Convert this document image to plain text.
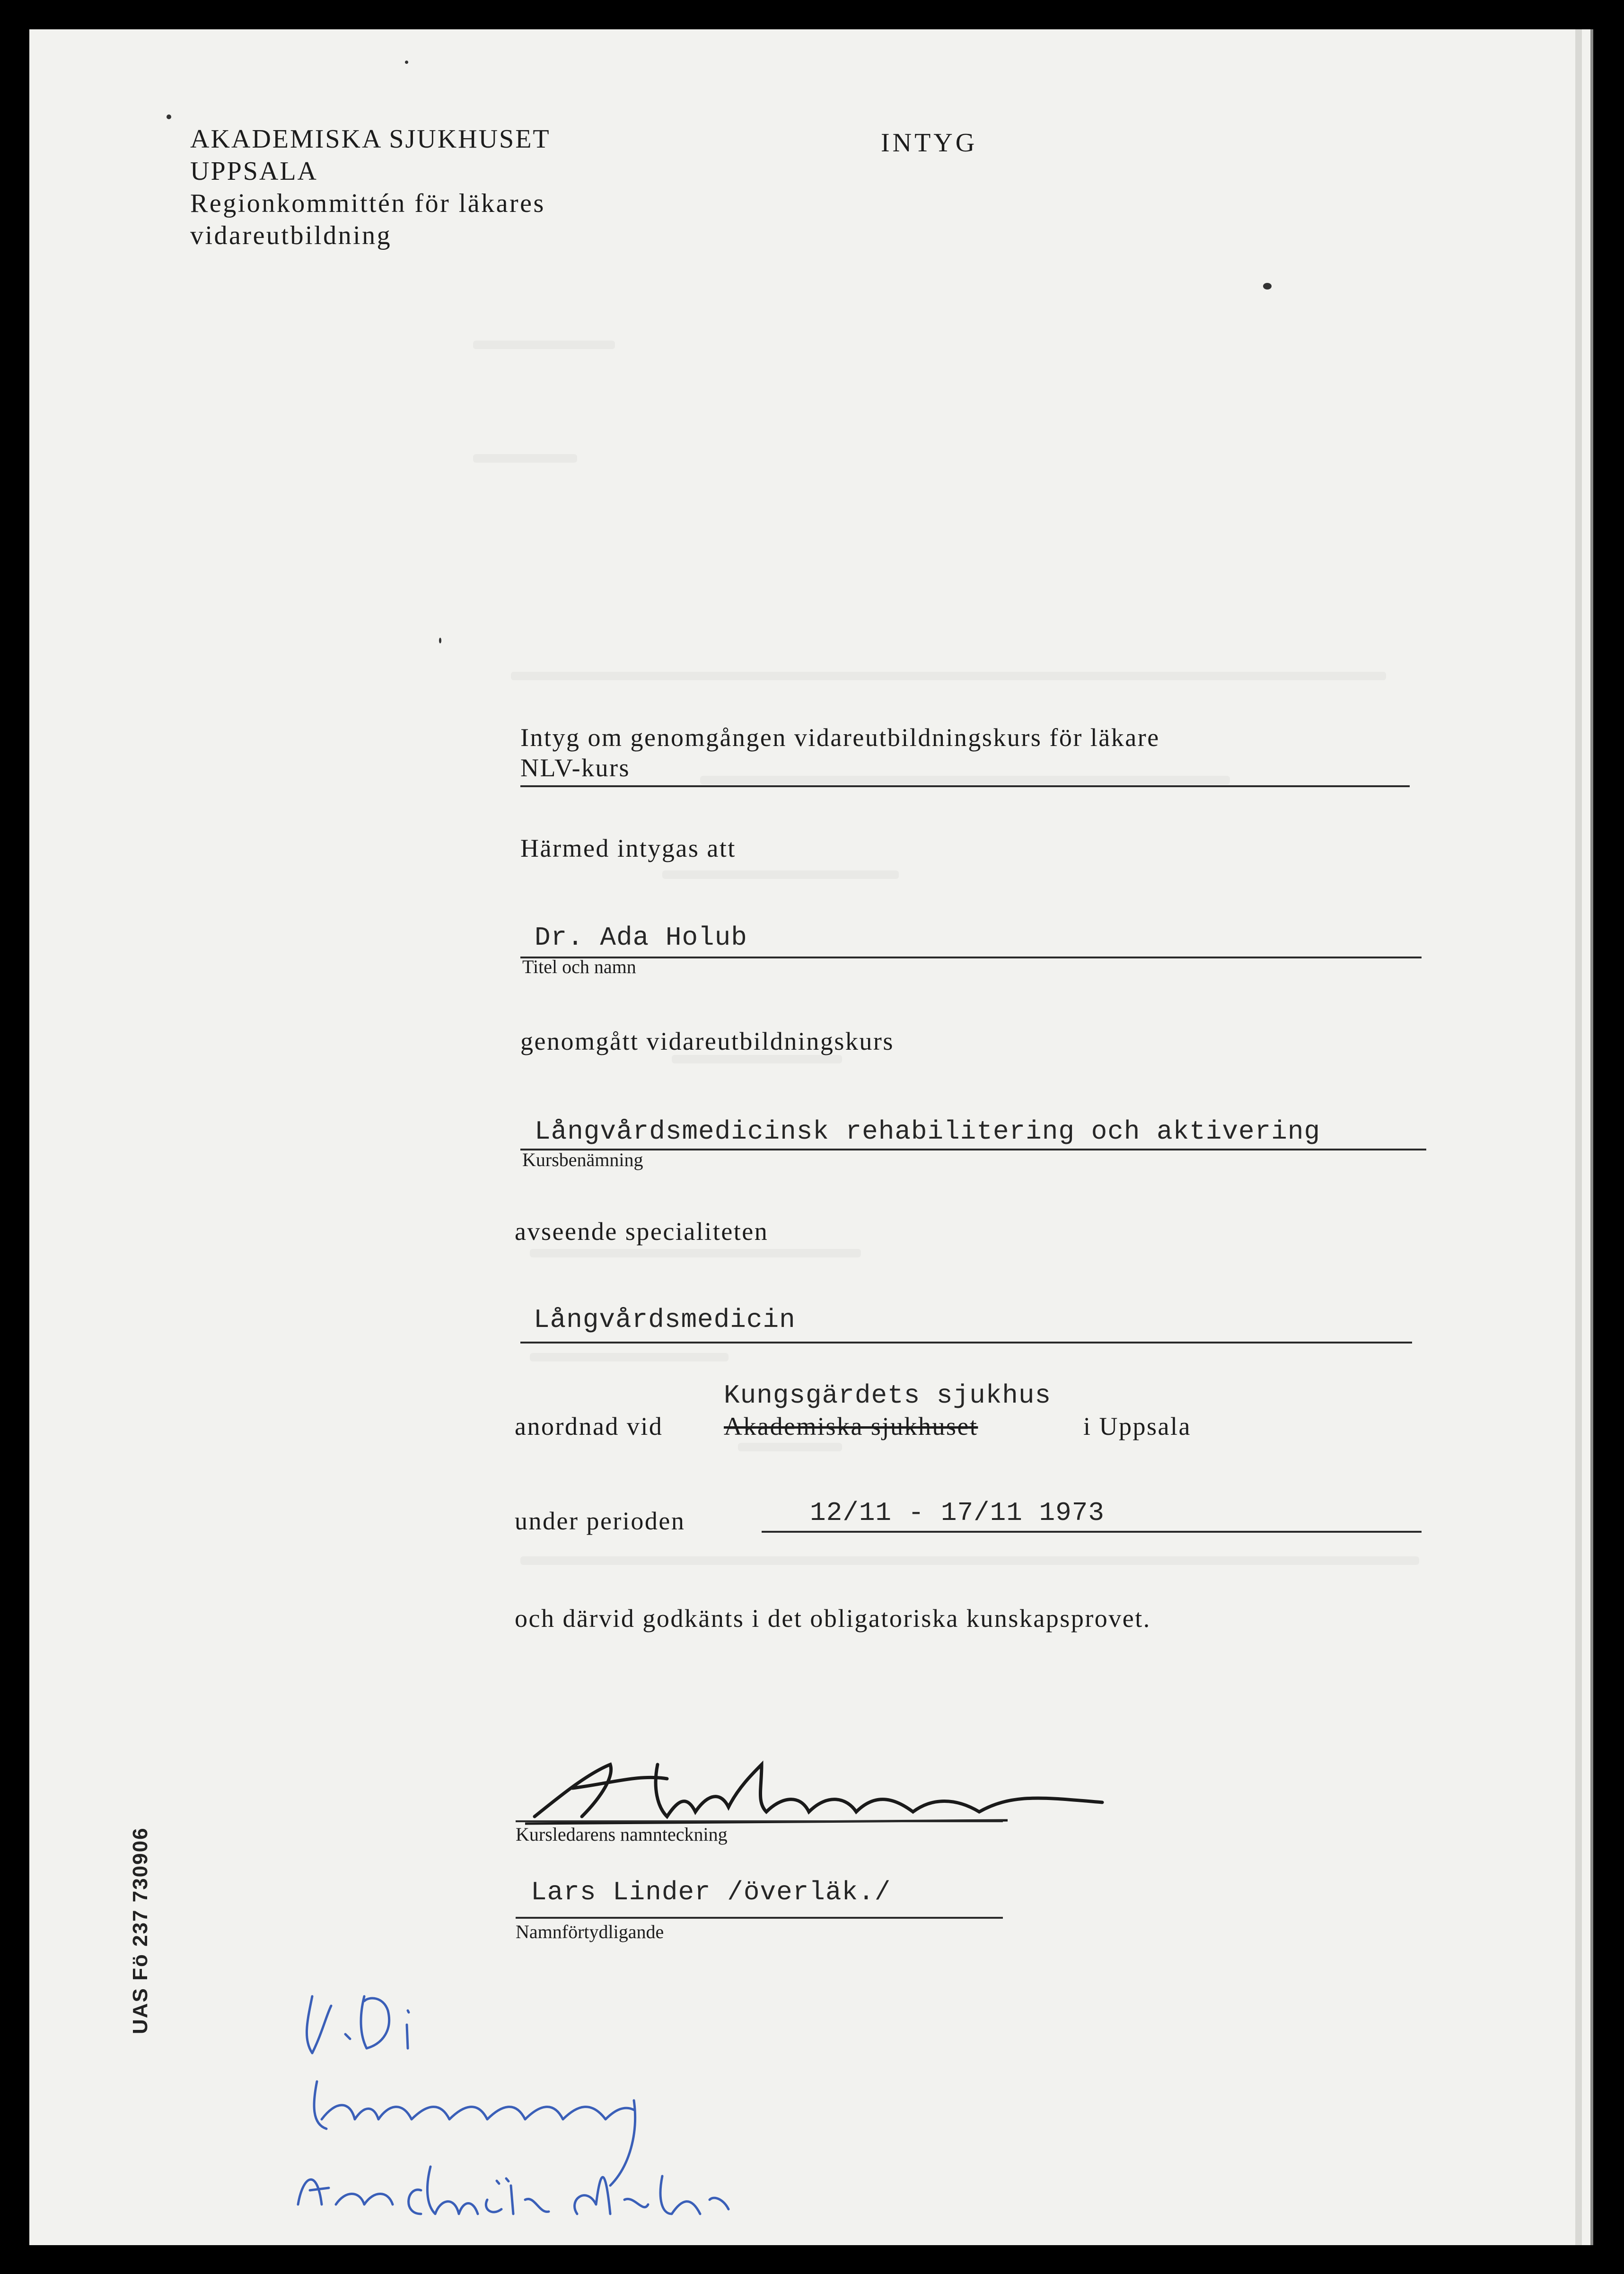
AKADEMISKA SJUKHUSET
UPPSALA
Regionkommittén för läkares
vidareutbildning
INTYG
Intyg om genomgången vidareutbildningskurs för läkare
NLV-kurs
Härmed intygas att
Dr. Ada Holub
Titel och namn
genomgått vidareutbildningskurs
Långvårdsmedicinsk rehabilitering och aktivering
Kursbenämning
avseende specialiteten
Långvårdsmedicin
Kungsgärdets sjukhus
anordnad vid Akademiska sjukhuset	i Uppsala
under perioden	12/11 - 17/11 1973
och därvid godkänts i det obligatoriska kunskapsprovet.
Kursledarens namnteckning
Lars Linder /överläk./
Namnförtydligande
UAS Fö 237 730906
